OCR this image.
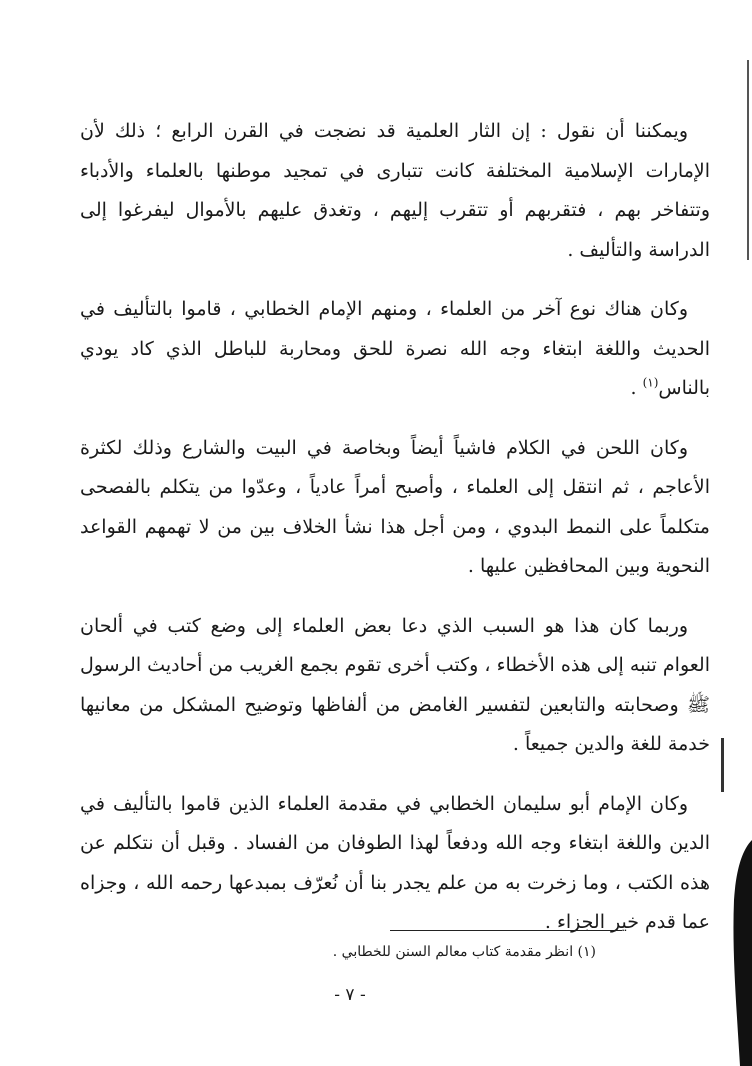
ويمكننا أن نقول : إن الثار العلمية قد نضجت في القرن الرابع ؛ ذلك لأن الإمارات الإسلامية المختلفة كانت تتبارى في تمجيد موطنها بالعلماء والأدباء وتتفاخر بهم ، فتقربهم أو تتقرب إليهم ، وتغدق عليهم بالأموال ليفرغوا إلى الدراسة والتأليف .

وكان هناك نوع آخر من العلماء ، ومنهم الإمام الخطابي ، قاموا بالتأليف في الحديث واللغة ابتغاء وجه الله نصرة للحق ومحاربة للباطل الذي كاد يودي بالناس$^{(١)}$ .

وكان اللحن في الكلام فاشياً أيضاً وبخاصة في البيت والشارع وذلك لكثرة الأعاجم ، ثم انتقل إلى العلماء ، وأصبح أمراً عادياً ، وعدّوا من يتكلم بالفصحى متكلماً على النمط البدوي ، ومن أجل هذا نشأ الخلاف بين من لا تهمهم القواعد النحوية وبين المحافظين عليها .

وربما كان هذا هو السبب الذي دعا بعض العلماء إلى وضع كتب في ألحان العوام تنبه إلى هذه الأخطاء ، وكتب أخرى تقوم بجمع الغريب من أحاديث الرسول ﷺ وصحابته والتابعين لتفسير الغامض من ألفاظها وتوضيح المشكل من معانيها خدمة للغة والدين جميعاً .

وكان الإمام أبو سليمان الخطابي في مقدمة العلماء الذين قاموا بالتأليف في الدين واللغة ابتغاء وجه الله ودفعاً لهذا الطوفان من الفساد . وقبل أن نتكلم عن هذه الكتب ، وما زخرت به من علم يجدر بنا أن نُعرّف بمبدعها رحمه الله ، وجزاه عما قدم خير الجزاء .

(١) انظر مقدمة كتاب معالم السنن للخطابي .
- ٧ -
